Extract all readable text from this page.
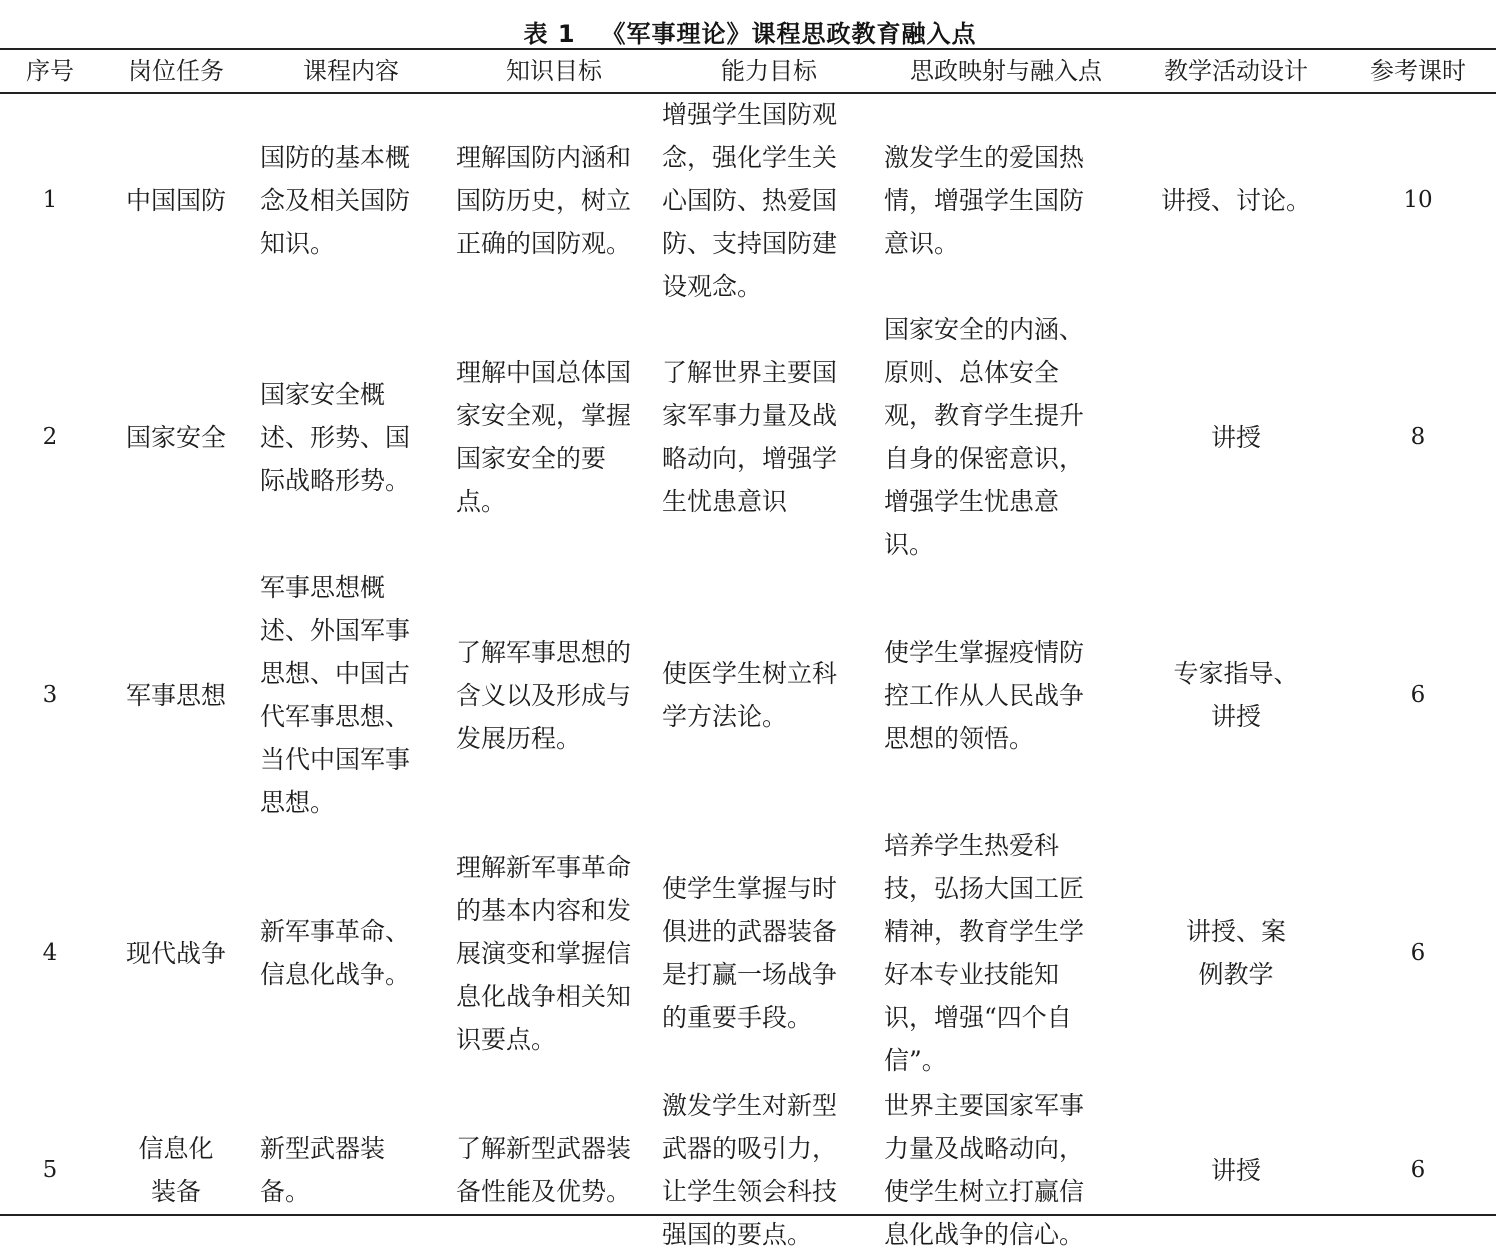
表 1 《军事理论》课程思政教育融入点
序号	岗位任务	课程内容	知识目标	能力目标	思政映射与融入点	教学活动设计	参考课时
1	中国国防	国防的基本概念及相关国防知识。	理解国防内涵和国防历史，树立正确的国防观。	增强学生国防观念，强化学生关心国防、热爱国防、支持国防建设观念。	激发学生的爱国热情，增强学生国防意识。	讲授、讨论。	10
2	国家安全	国家安全概述、形势、国际战略形势。	理解中国总体国家安全观，掌握国家安全的要点。	了解世界主要国家军事力量及战略动向，增强学生忧患意识	国家安全的内涵、原则、总体安全观，教育学生提升自身的保密意识，增强学生忧患意识。	讲授	8
3	军事思想	军事思想概述、外国军事思想、中国古代军事思想、当代中国军事思想。	了解军事思想的含义以及形成与发展历程。	使医学生树立科学方法论。	使学生掌握疫情防控工作从人民战争思想的领悟。	专家指导、讲授	6
4	现代战争	新军事革命、信息化战争。	理解新军事革命的基本内容和发展演变和掌握信息化战争相关知识要点。	使学生掌握与时俱进的武器装备是打赢一场战争的重要手段。	培养学生热爱科技，弘扬大国工匠精神，教育学生学好本专业技能知识，增强“四个自信”。	讲授、案例教学	6
5	信息化装备	新型武器装备。	了解新型武器装备性能及优势。	激发学生对新型武器的吸引力，让学生领会科技强国的要点。	世界主要国家军事力量及战略动向，使学生树立打赢信息化战争的信心。	讲授	6
